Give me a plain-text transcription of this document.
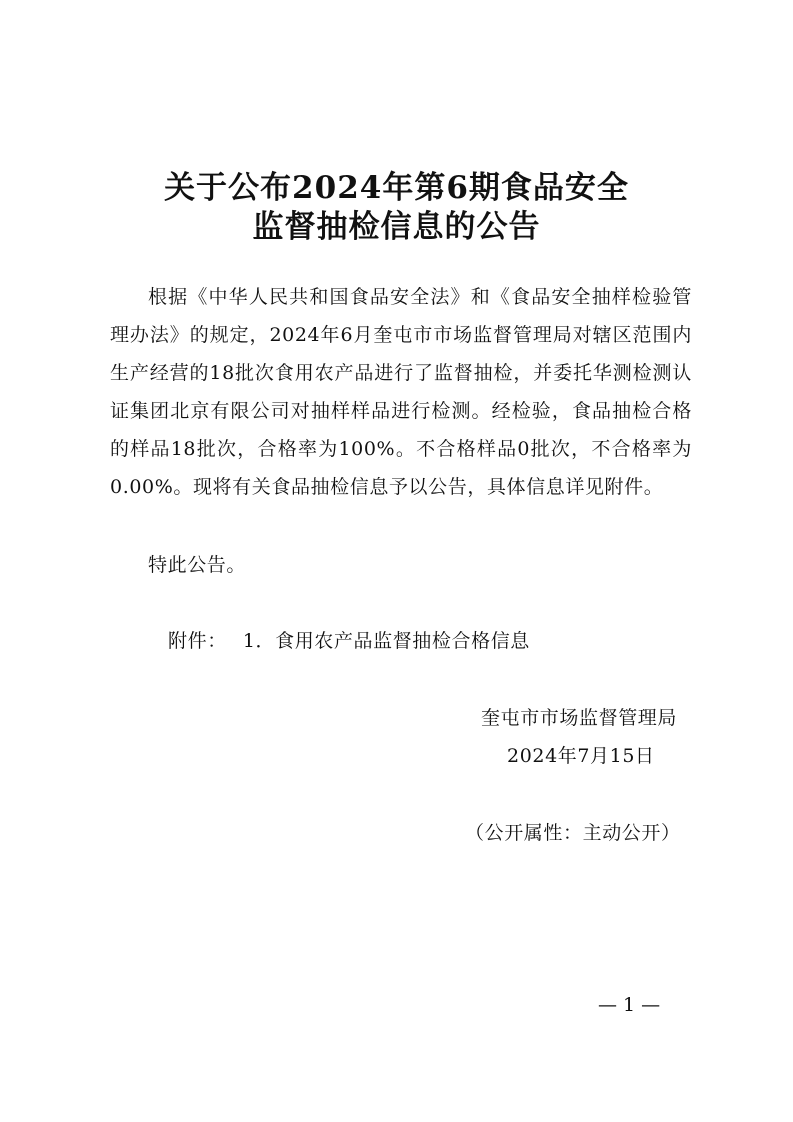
关于公布2024年第6期食品安全
监督抽检信息的公告

根据《中华人民共和国食品安全法》和《食品安全抽样检验管理办法》的规定，2024年6月奎屯市市场监督管理局对辖区范围内生产经营的18批次食用农产品进行了监督抽检，并委托华测检测认证集团北京有限公司对抽样样品进行检测。经检验，食品抽检合格的样品18批次，合格率为100%。不合格样品0批次，不合格率为0.00%。现将有关食品抽检信息予以公告，具体信息详见附件。

特此公告。

附件： 1．食用农产品监督抽检合格信息
奎屯市市场监督管理局
2024年7月15日
（公开属性：主动公开）
— 1 —
